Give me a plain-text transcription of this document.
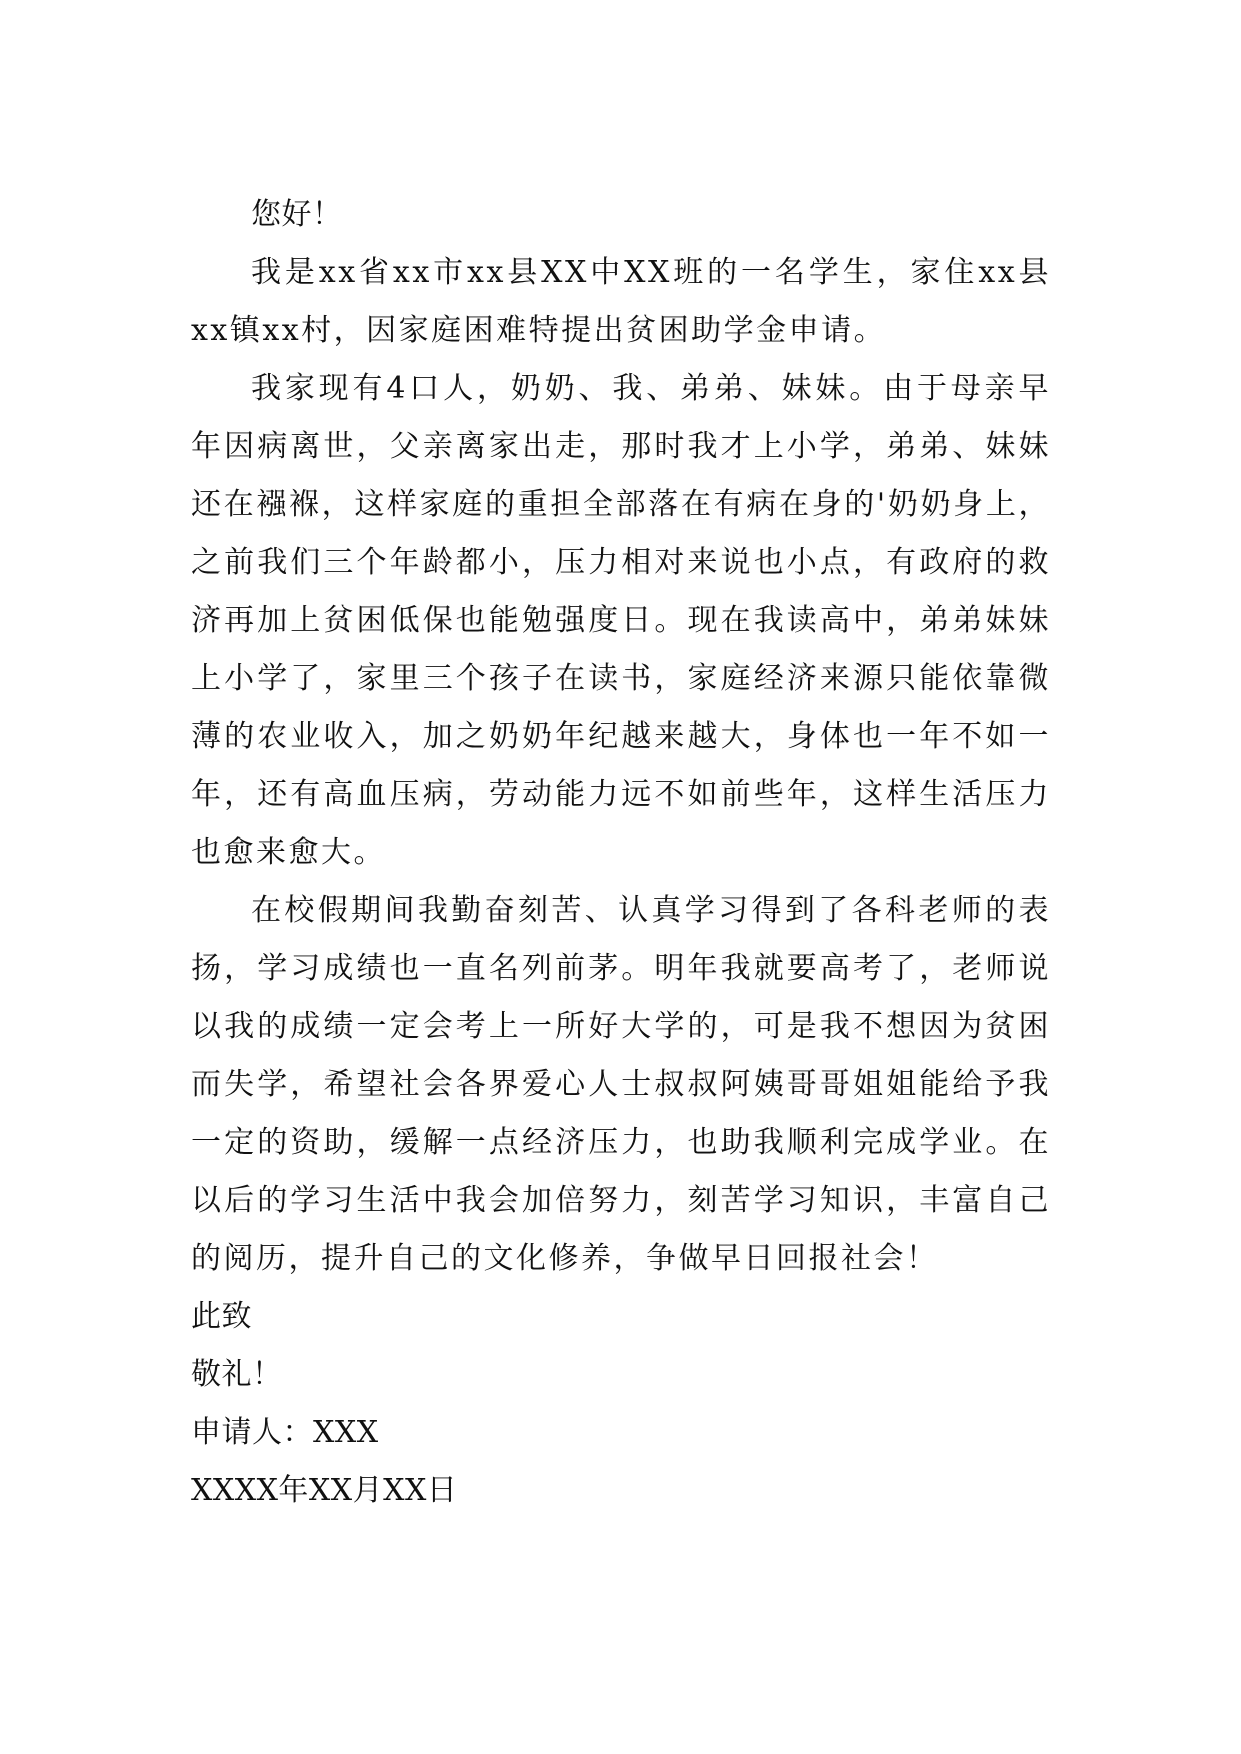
您好！

我是xx省xx市xx县XX中XX班的一名学生，家住xx县xx镇xx村，因家庭困难特提出贫困助学金申请。

我家现有4口人，奶奶、我、弟弟、妹妹。由于母亲早年因病离世，父亲离家出走，那时我才上小学，弟弟、妹妹还在襁褓，这样家庭的重担全部落在有病在身的'奶奶身上，之前我们三个年龄都小，压力相对来说也小点，有政府的救济再加上贫困低保也能勉强度日。现在我读高中，弟弟妹妹上小学了，家里三个孩子在读书，家庭经济来源只能依靠微薄的农业收入，加之奶奶年纪越来越大，身体也一年不如一年，还有高血压病，劳动能力远不如前些年，这样生活压力也愈来愈大。

在校假期间我勤奋刻苦、认真学习得到了各科老师的表扬，学习成绩也一直名列前茅。明年我就要高考了，老师说以我的成绩一定会考上一所好大学的，可是我不想因为贫困而失学，希望社会各界爱心人士叔叔阿姨哥哥姐姐能给予我一定的资助，缓解一点经济压力，也助我顺利完成学业。在以后的学习生活中我会加倍努力，刻苦学习知识，丰富自己的阅历，提升自己的文化修养，争做早日回报社会！

此致
敬礼！
申请人：XXX
XXXX年XX月XX日
